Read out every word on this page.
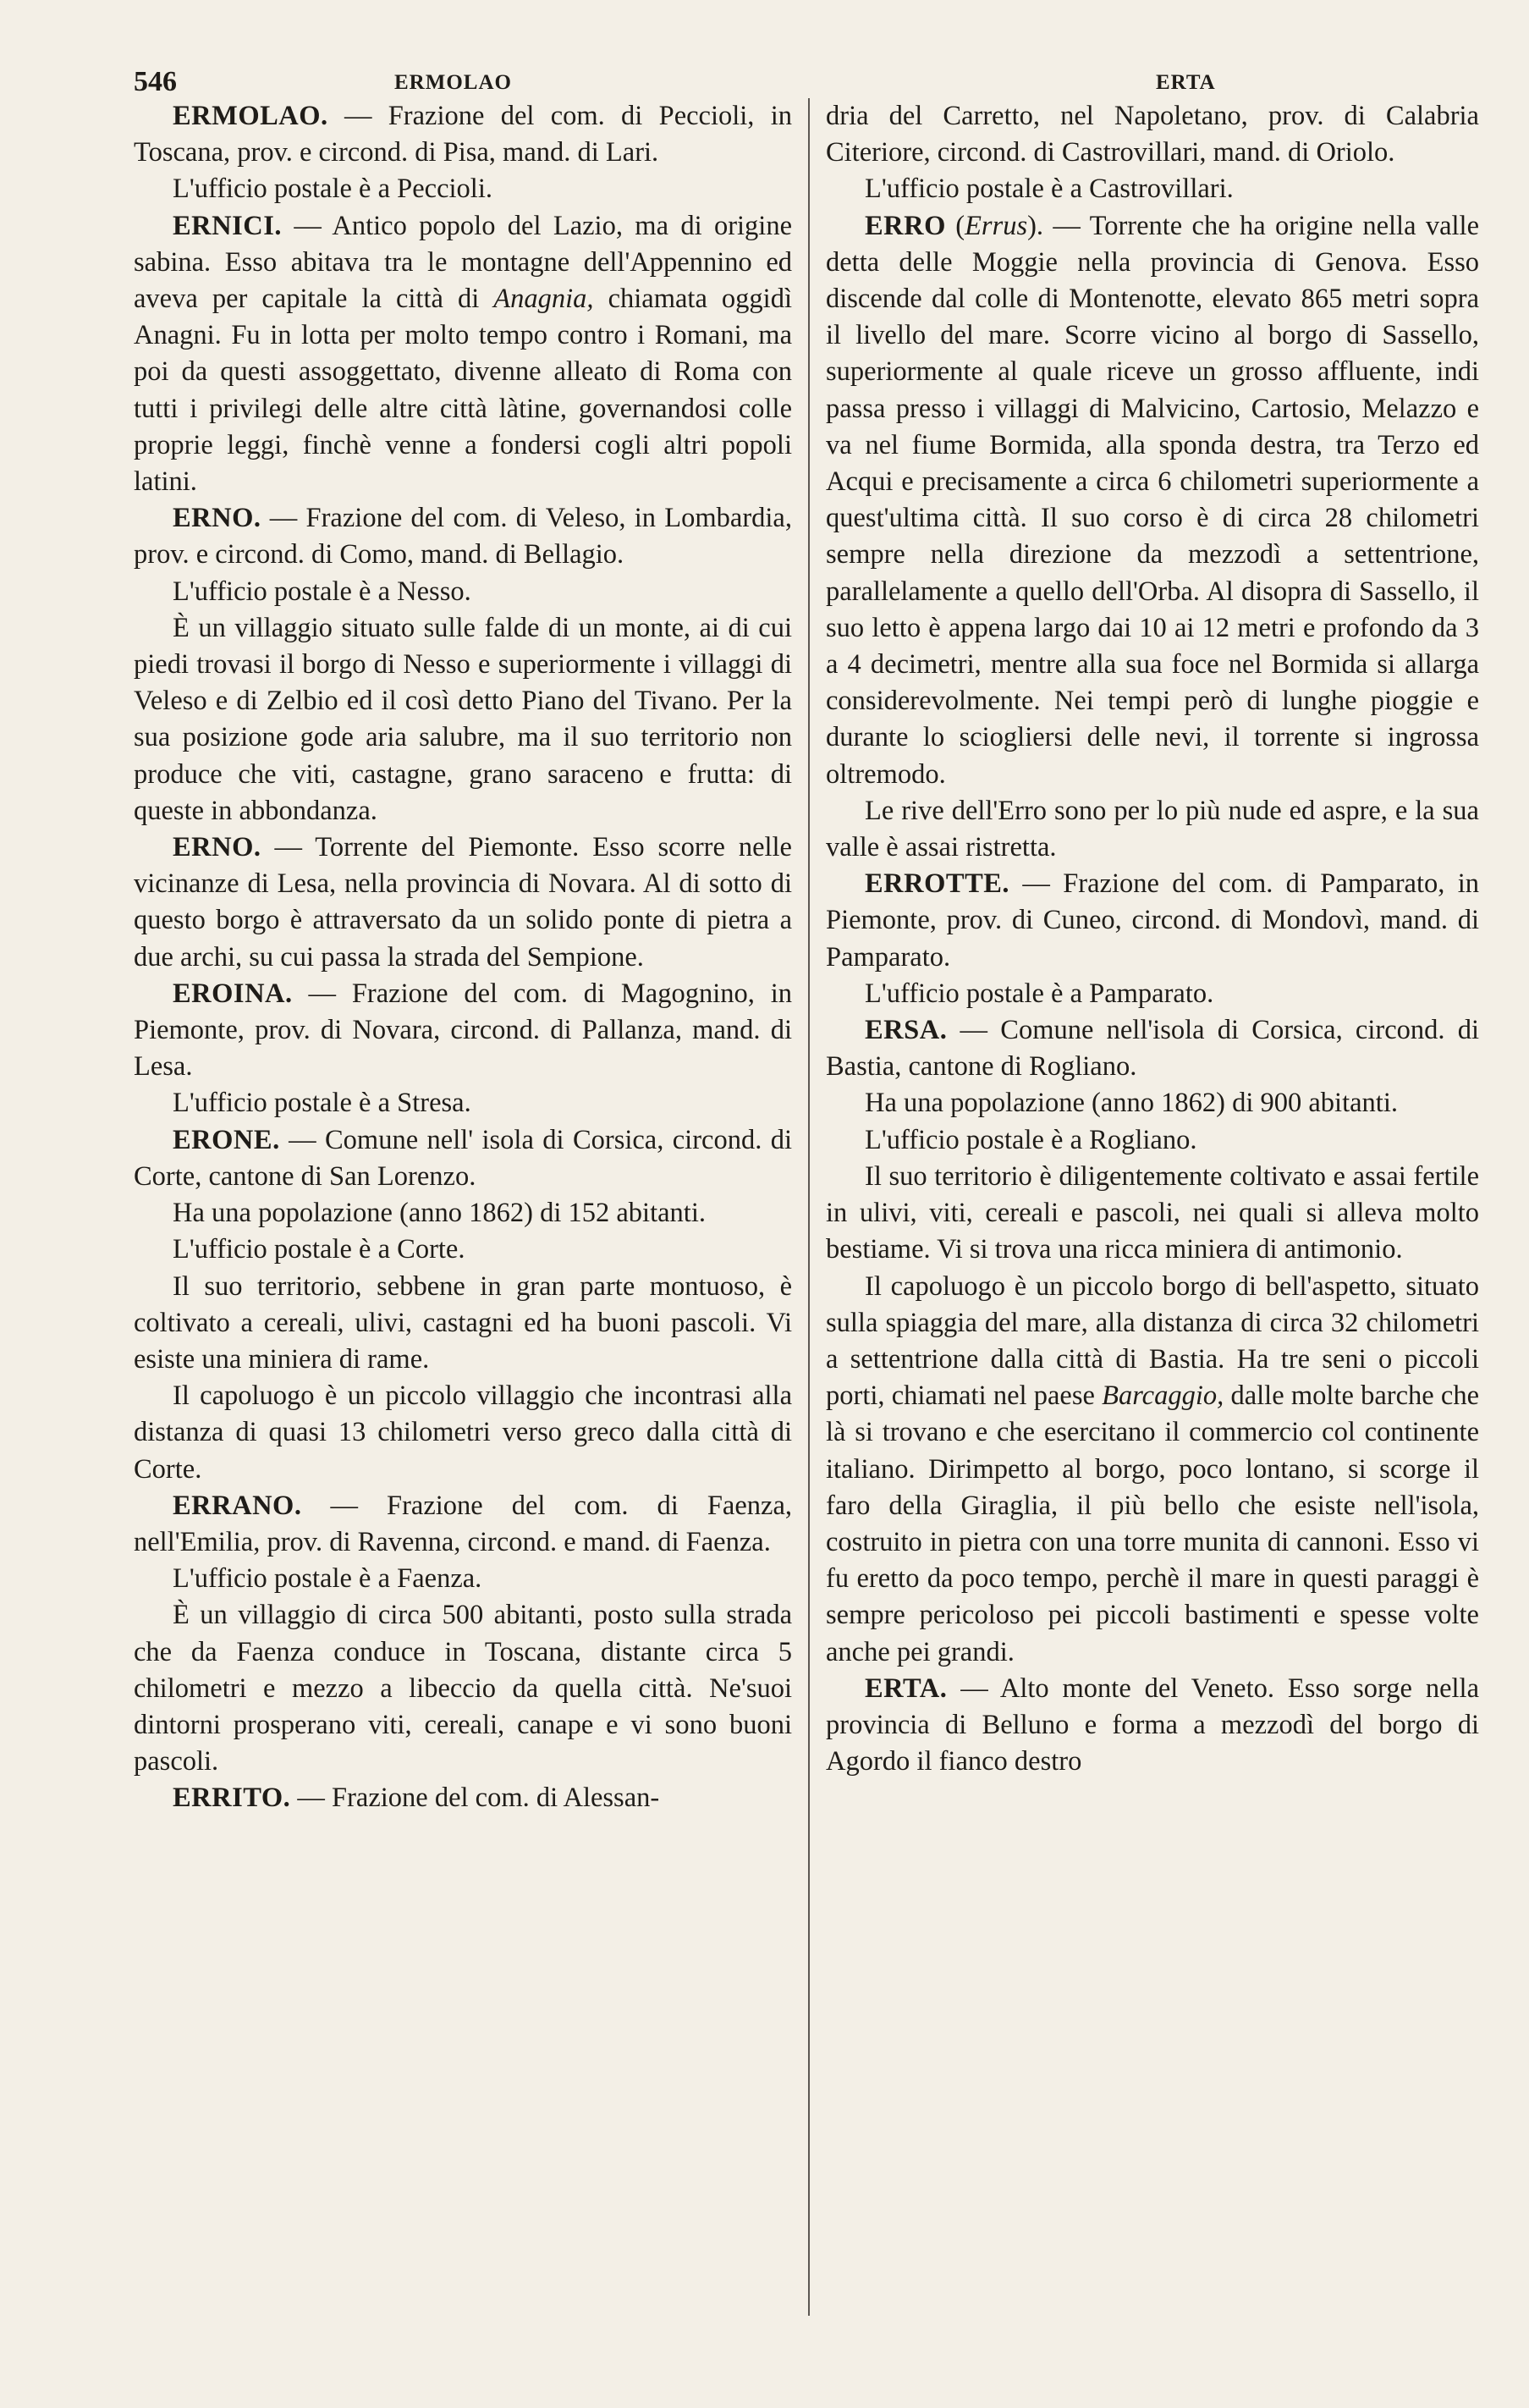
546	ERMOLAO	ERTA

ERMOLAO. — Frazione del com. di Peccioli, in Toscana, prov. e circond. di Pisa, mand. di Lari.

L'ufficio postale è a Peccioli.

ERNICI. — Antico popolo del Lazio, ma di origine sabina. Esso abitava tra le montagne dell'Appennino ed aveva per capitale la città di Anagnia, chiamata oggidì Anagni. Fu in lotta per molto tempo contro i Romani, ma poi da questi assoggettato, divenne alleato di Roma con tutti i privilegi delle altre città làtine, governandosi colle proprie leggi, finchè venne a fondersi cogli altri popoli latini.

ERNO. — Frazione del com. di Veleso, in Lombardia, prov. e circond. di Como, mand. di Bellagio.

L'ufficio postale è a Nesso.

È un villaggio situato sulle falde di un monte, ai di cui piedi trovasi il borgo di Nesso e superiormente i villaggi di Veleso e di Zelbio ed il così detto Piano del Tivano. Per la sua posizione gode aria salubre, ma il suo territorio non produce che viti, castagne, grano saraceno e frutta: di queste in abbondanza.

ERNO. — Torrente del Piemonte. Esso scorre nelle vicinanze di Lesa, nella provincia di Novara. Al di sotto di questo borgo è attraversato da un solido ponte di pietra a due archi, su cui passa la strada del Sempione.

EROINA. — Frazione del com. di Magognino, in Piemonte, prov. di Novara, circond. di Pallanza, mand. di Lesa.

L'ufficio postale è a Stresa.

ERONE. — Comune nell' isola di Corsica, circond. di Corte, cantone di San Lorenzo.

Ha una popolazione (anno 1862) di 152 abitanti.

L'ufficio postale è a Corte.

Il suo territorio, sebbene in gran parte montuoso, è coltivato a cereali, ulivi, castagni ed ha buoni pascoli. Vi esiste una miniera di rame.

Il capoluogo è un piccolo villaggio che incontrasi alla distanza di quasi 13 chilometri verso greco dalla città di Corte.

ERRANO. — Frazione del com. di Faenza, nell'Emilia, prov. di Ravenna, circond. e mand. di Faenza.

L'ufficio postale è a Faenza.

È un villaggio di circa 500 abitanti, posto sulla strada che da Faenza conduce in Toscana, distante circa 5 chilometri e mezzo a libeccio da quella città. Ne'suoi dintorni prosperano viti, cereali, canape e vi sono buoni pascoli.

ERRITO. — Frazione del com. di Alessan-

dria del Carretto, nel Napoletano, prov. di Calabria Citeriore, circond. di Castrovillari, mand. di Oriolo.

L'ufficio postale è a Castrovillari.

ERRO (Errus). — Torrente che ha origine nella valle detta delle Moggie nella provincia di Genova. Esso discende dal colle di Montenotte, elevato 865 metri sopra il livello del mare. Scorre vicino al borgo di Sassello, superiormente al quale riceve un grosso affluente, indi passa presso i villaggi di Malvicino, Cartosio, Melazzo e va nel fiume Bormida, alla sponda destra, tra Terzo ed Acqui e precisamente a circa 6 chilometri superiormente a quest'ultima città. Il suo corso è di circa 28 chilometri sempre nella direzione da mezzodì a settentrione, parallelamente a quello dell'Orba. Al disopra di Sassello, il suo letto è appena largo dai 10 ai 12 metri e profondo da 3 a 4 decimetri, mentre alla sua foce nel Bormida si allarga considerevolmente. Nei tempi però di lunghe pioggie e durante lo sciogliersi delle nevi, il torrente si ingrossa oltremodo.

Le rive dell'Erro sono per lo più nude ed aspre, e la sua valle è assai ristretta.

ERROTTE. — Frazione del com. di Pamparato, in Piemonte, prov. di Cuneo, circond. di Mondovì, mand. di Pamparato.

L'ufficio postale è a Pamparato.

ERSA. — Comune nell'isola di Corsica, circond. di Bastia, cantone di Rogliano.

Ha una popolazione (anno 1862) di 900 abitanti.

L'ufficio postale è a Rogliano.

Il suo territorio è diligentemente coltivato e assai fertile in ulivi, viti, cereali e pascoli, nei quali si alleva molto bestiame. Vi si trova una ricca miniera di antimonio.

Il capoluogo è un piccolo borgo di bell'aspetto, situato sulla spiaggia del mare, alla distanza di circa 32 chilometri a settentrione dalla città di Bastia. Ha tre seni o piccoli porti, chiamati nel paese Barcaggio, dalle molte barche che là si trovano e che esercitano il commercio col continente italiano. Dirimpetto al borgo, poco lontano, si scorge il faro della Giraglia, il più bello che esiste nell'isola, costruito in pietra con una torre munita di cannoni. Esso vi fu eretto da poco tempo, perchè il mare in questi paraggi è sempre pericoloso pei piccoli bastimenti e spesse volte anche pei grandi.

ERTA. — Alto monte del Veneto. Esso sorge nella provincia di Belluno e forma a mezzodì del borgo di Agordo il fianco destro
